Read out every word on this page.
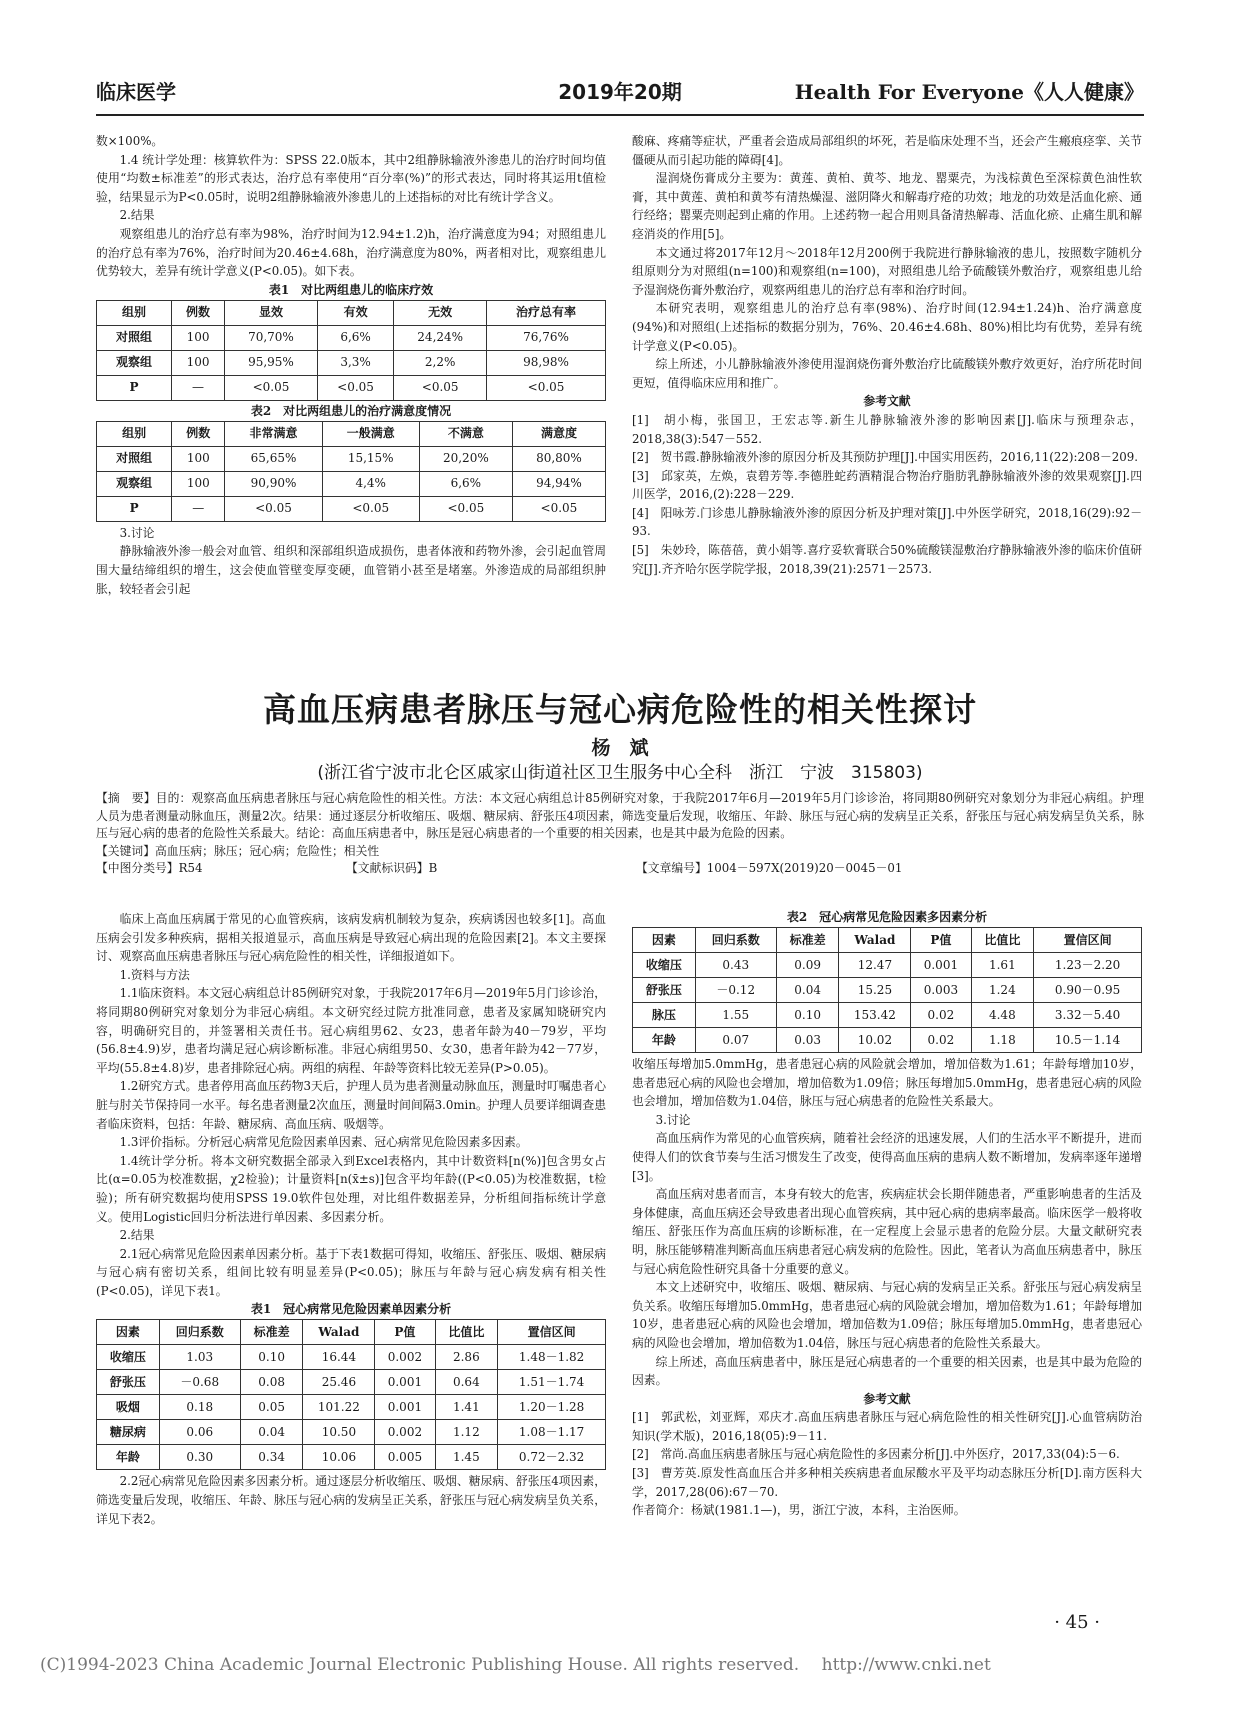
临床医学	2019年20期	Health For Everyone《人人健康》

数×100%。

1.4 统计学处理：核算软件为：SPSS 22.0版本，其中2组静脉输液外渗患儿的治疗时间均值使用“均数±标准差”的形式表达，治疗总有率使用“百分率(%)”的形式表达，同时将其运用t值检验，结果显示为P<0.05时，说明2组静脉输液外渗患儿的上述指标的对比有统计学含义。

2.结果

观察组患儿的治疗总有率为98%，治疗时间为12.94±1.2)h，治疗满意度为94；对照组患儿的治疗总有率为76%，治疗时间为20.46±4.68h，治疗满意度为80%，两者相对比，观察组患儿优势较大，差异有统计学意义(P<0.05)。如下表。

表1　对比两组患儿的临床疗效
组别	例数	显效	有效	无效	治疗总有率
对照组	100	70,70%	6,6%	24,24%	76,76%
观察组	100	95,95%	3,3%	2,2%	98,98%
P	—	<0.05	<0.05	<0.05	<0.05
表2　对比两组患儿的治疗满意度情况
组别	例数	非常满意	一般满意	不满意	满意度
对照组	100	65,65%	15,15%	20,20%	80,80%
观察组	100	90,90%	4,4%	6,6%	94,94%
P	—	<0.05	<0.05	<0.05	<0.05

3.讨论

静脉输液外渗一般会对血管、组织和深部组织造成损伤，患者体液和药物外渗，会引起血管周围大量结缔组织的增生，这会使血管壁变厚变硬，血管销小甚至是堵塞。外渗造成的局部组织肿胀，较轻者会引起

酸麻、疼痛等症状，严重者会造成局部组织的坏死，若是临床处理不当，还会产生瘢痕痉挛、关节僵硬从而引起功能的障碍[4]。

湿润烧伤膏成分主要为：黄莲、黄柏、黄芩、地龙、罂粟壳，为浅棕黄色至深棕黄色油性软膏，其中黄莲、黄柏和黄芩有清热燥湿、滋阴降火和解毒疗疮的功效；地龙的功效是活血化瘀、通行经络；罂粟壳则起到止痛的作用。上述药物一起合用则具备清热解毒、活血化瘀、止痛生肌和解痉消炎的作用[5]。

本文通过将2017年12月～2018年12月200例于我院进行静脉输液的患儿，按照数字随机分组原则分为对照组(n=100)和观察组(n=100)，对照组患儿给予硫酸镁外敷治疗，观察组患儿给予湿润烧伤膏外敷治疗，观察两组患儿的治疗总有率和治疗时间。

本研究表明，观察组患儿的治疗总有率(98%)、治疗时间(12.94±1.24)h、治疗满意度(94%)和对照组(上述指标的数据分别为，76%、20.46±4.68h、80%)相比均有优势，差异有统计学意义(P<0.05)。

综上所述，小儿静脉输液外渗使用湿润烧伤膏外敷治疗比硫酸镁外敷疗效更好，治疗所花时间更短，值得临床应用和推广。

参考文献

[1]　胡小梅，张国卫，王宏志等.新生儿静脉输液外渗的影响因素[J].临床与预理杂志，2018,38(3):547－552.

[2]　贺书霞.静脉输液外渗的原因分析及其预防护理[J].中国实用医药，2016,11(22):208－209.

[3]　邱家英，左焕，袁碧芳等.李德胜蛇药酒精混合物治疗脂肪乳静脉输液外渗的效果观察[J].四川医学，2016,(2):228－229.

[4]　阳咏芳.门诊患儿静脉输液外渗的原因分析及护理对策[J].中外医学研究，2018,16(29):92－93.

[5]　朱妙玲，陈蓓蓓，黄小娟等.喜疗妥软膏联合50%硫酸镁湿敷治疗静脉输液外渗的临床价值研究[J].齐齐哈尔医学院学报，2018,39(21):2571－2573.

高血压病患者脉压与冠心病危险性的相关性探讨
杨　斌
(浙江省宁波市北仑区戚家山街道社区卫生服务中心全科　浙江　宁波　315803)

【摘　要】目的：观察高血压病患者脉压与冠心病危险性的相关性。方法：本文冠心病组总计85例研究对象，于我院2017年6月—2019年5月门诊诊治，将同期80例研究对象划分为非冠心病组。护理人员为患者测量动脉血压，测量2次。结果：通过逐层分析收缩压、吸烟、糖尿病、舒张压4项因素，筛选变量后发现，收缩压、年龄、脉压与冠心病的发病呈正关系，舒张压与冠心病发病呈负关系，脉压与冠心病的患者的危险性关系最大。结论：高血压病患者中，脉压是冠心病患者的一个重要的相关因素，也是其中最为危险的因素。

【关键词】高血压病；脉压；冠心病；危险性；相关性

【中图分类号】R54	【文献标识码】B	【文章编号】1004－597X(2019)20－0045－01

临床上高血压病属于常见的心血管疾病，该病发病机制较为复杂，疾病诱因也较多[1]。高血压病会引发多种疾病，据相关报道显示，高血压病是导致冠心病出现的危险因素[2]。本文主要探讨、观察高血压病患者脉压与冠心病危险性的相关性，详细报道如下。

1.资料与方法

1.1临床资料。本文冠心病组总计85例研究对象，于我院2017年6月—2019年5月门诊诊治，将同期80例研究对象划分为非冠心病组。本文研究经过院方批准同意，患者及家属知晓研究内容，明确研究目的，并签署相关责任书。冠心病组男62、女23，患者年龄为40－79岁，平均(56.8±4.9)岁，患者均满足冠心病诊断标准。非冠心病组男50、女30，患者年龄为42－77岁，平均(55.8±4.8)岁，患者排除冠心病。两组的病程、年龄等资料比较无差异(P>0.05)。

1.2研究方式。患者停用高血压药物3天后，护理人员为患者测量动脉血压，测量时叮嘱患者心脏与肘关节保持同一水平。每名患者测量2次血压，测量时间间隔3.0min。护理人员要详细调查患者临床资料，包括：年龄、糖尿病、高血压病、吸烟等。

1.3评价指标。分析冠心病常见危险因素单因素、冠心病常见危险因素多因素。

1.4统计学分析。将本文研究数据全部录入到Excel表格内，其中计数资料[n(%)]包含男女占比(α=0.05为校准数据，χ2检验)；计量资料[n(x̄±s)]包含平均年龄((P<0.05)为校准数据，t检验)；所有研究数据均使用SPSS 19.0软件包处理，对比组件数据差异，分析组间指标统计学意义。使用Logistic回归分析法进行单因素、多因素分析。

2.结果

2.1冠心病常见危险因素单因素分析。基于下表1数据可得知，收缩压、舒张压、吸烟、糖尿病与冠心病有密切关系，组间比较有明显差异(P<0.05)；脉压与年龄与冠心病发病有相关性(P<0.05)，详见下表1。

表1　冠心病常见危险因素单因素分析
因素	回归系数	标准差	Walad	P值	比值比	置信区间
收缩压	1.03	0.10	16.44	0.002	2.86	1.48－1.82
舒张压	－0.68	0.08	25.46	0.001	0.64	1.51－1.74
吸烟	0.18	0.05	101.22	0.001	1.41	1.20－1.28
糖尿病	0.06	0.04	10.50	0.002	1.12	1.08－1.17
年龄	0.30	0.34	10.06	0.005	1.45	0.72－2.32

2.2冠心病常见危险因素多因素分析。通过逐层分析收缩压、吸烟、糖尿病、舒张压4项因素，筛选变量后发现，收缩压、年龄、脉压与冠心病的发病呈正关系，舒张压与冠心病发病呈负关系，详见下表2。

表2　冠心病常见危险因素多因素分析
因素	回归系数	标准差	Walad	P值	比值比	置信区间
收缩压	0.43	0.09	12.47	0.001	1.61	1.23－2.20
舒张压	－0.12	0.04	15.25	0.003	1.24	0.90－0.95
脉压	1.55	0.10	153.42	0.02	4.48	3.32－5.40
年龄	0.07	0.03	10.02	0.02	1.18	10.5－1.14

收缩压每增加5.0mmHg，患者患冠心病的风险就会增加，增加倍数为1.61；年龄每增加10岁，患者患冠心病的风险也会增加，增加倍数为1.09倍；脉压每增加5.0mmHg，患者患冠心病的风险也会增加，增加倍数为1.04倍，脉压与冠心病患者的危险性关系最大。

3.讨论

高血压病作为常见的心血管疾病，随着社会经济的迅速发展，人们的生活水平不断提升，进而使得人们的饮食节奏与生活习惯发生了改变，使得高血压病的患病人数不断增加，发病率逐年递增[3]。

高血压病对患者而言，本身有较大的危害，疾病症状会长期伴随患者，严重影响患者的生活及身体健康，高血压病还会导致患者出现心血管疾病，其中冠心病的患病率最高。临床医学一般将收缩压、舒张压作为高血压病的诊断标准，在一定程度上会显示患者的危险分层。大量文献研究表明，脉压能够精准判断高血压病患者冠心病发病的危险性。因此，笔者认为高血压病患者中，脉压与冠心病危险性研究具备十分重要的意义。

本文上述研究中，收缩压、吸烟、糖尿病、与冠心病的发病呈正关系。舒张压与冠心病发病呈负关系。收缩压每增加5.0mmHg，患者患冠心病的风险就会增加，增加倍数为1.61；年龄每增加10岁，患者患冠心病的风险也会增加，增加倍数为1.09倍；脉压每增加5.0mmHg，患者患冠心病的风险也会增加，增加倍数为1.04倍，脉压与冠心病患者的危险性关系最大。

综上所述，高血压病患者中，脉压是冠心病患者的一个重要的相关因素，也是其中最为危险的因素。

参考文献

[1]　郭武松，刘亚辉，邓庆才.高血压病患者脉压与冠心病危险性的相关性研究[J].心血管病防治知识(学术版)，2016,18(05):9－11.

[2]　常尚.高血压病患者脉压与冠心病危险性的多因素分析[J].中外医疗，2017,33(04):5－6.

[3]　曹芳英.原发性高血压合并多种相关疾病患者血尿酸水平及平均动态脉压分析[D].南方医科大学，2017,28(06):67－70.

作者简介：杨斌(1981.1—)，男，浙江宁波，本科，主治医师。

· 45 ·
(C)1994-2023 China Academic Journal Electronic Publishing House. All rights reserved.　 http://www.cnki.net
